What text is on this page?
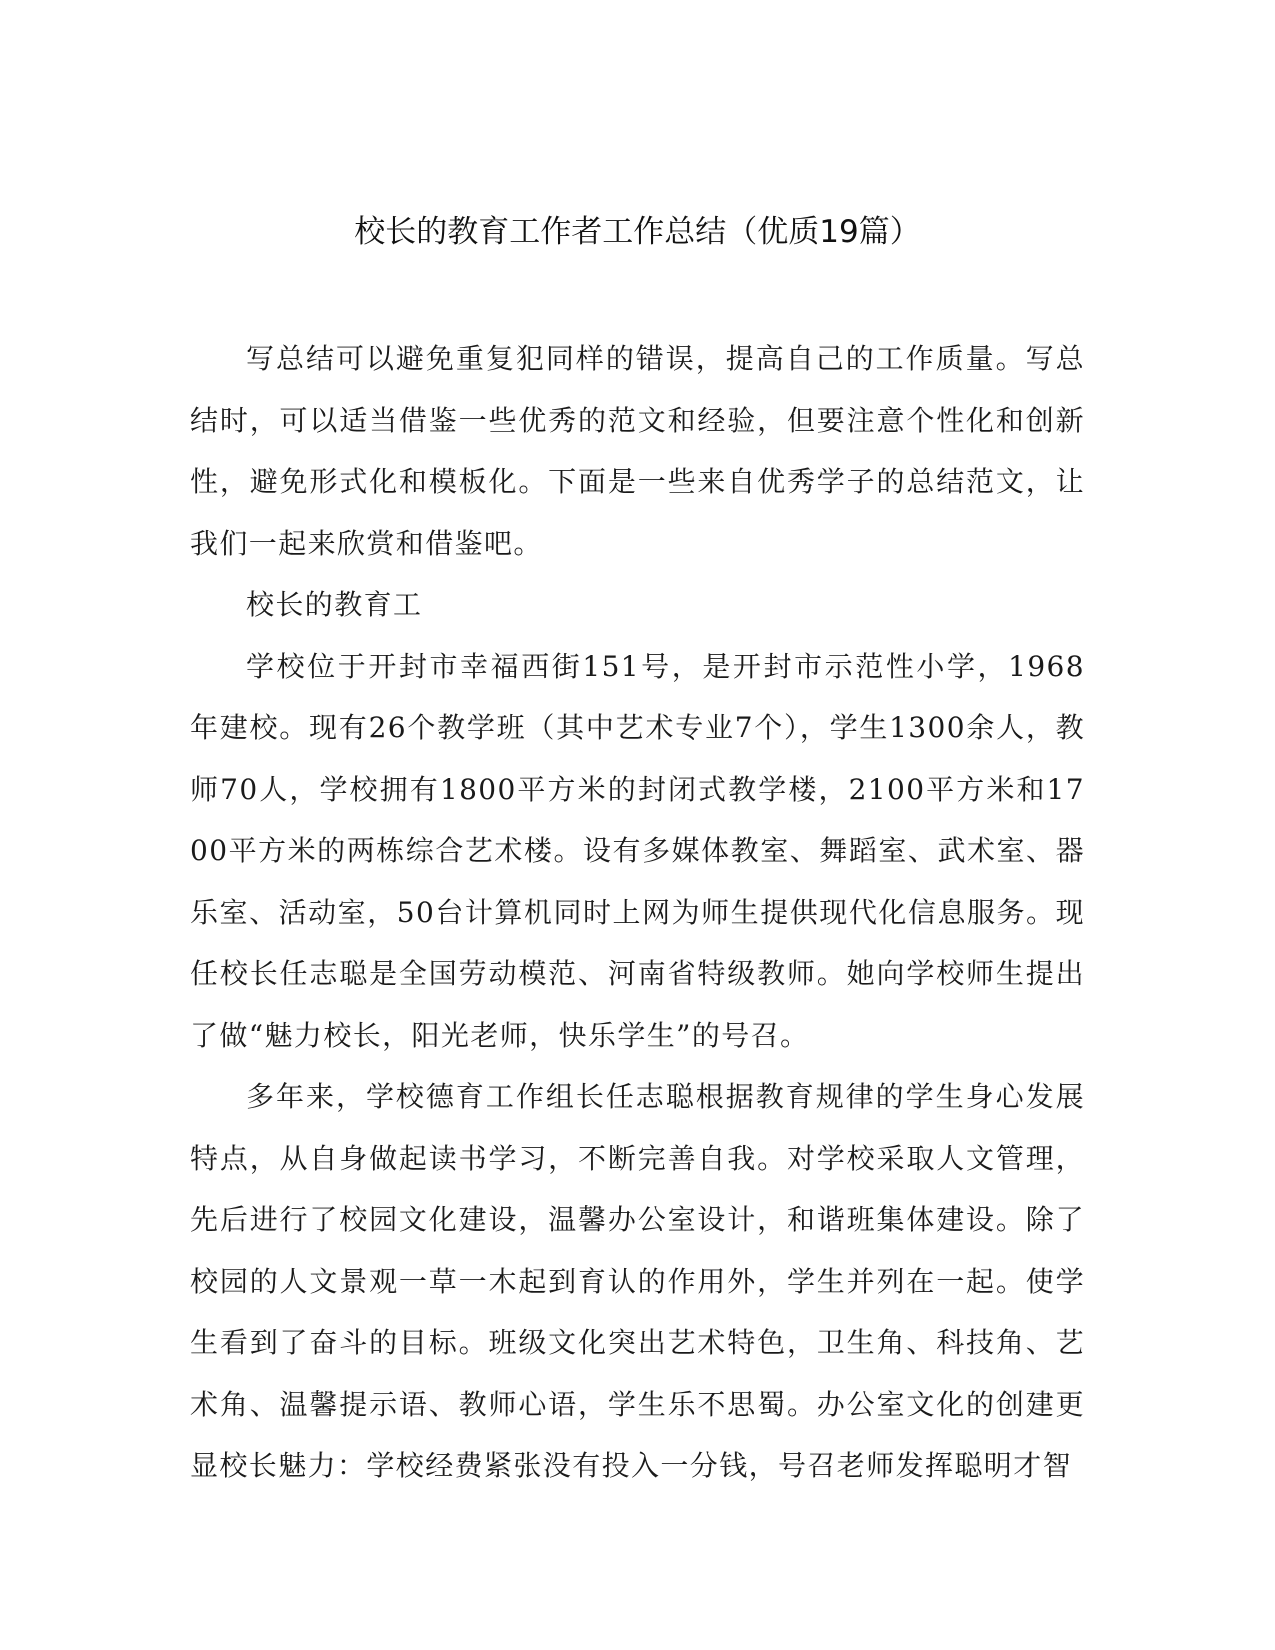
校长的教育工作者工作总结（优质19篇）

写总结可以避免重复犯同样的错误，提高自己的工作质量。写总结时，可以适当借鉴一些优秀的范文和经验，但要注意个性化和创新性，避免形式化和模板化。下面是一些来自优秀学子的总结范文，让我们一起来欣赏和借鉴吧。

校长的教育工

学校位于开封市幸福西街151号，是开封市示范性小学，1968年建校。现有26个教学班（其中艺术专业7个），学生1300余人，教师70人，学校拥有1800平方米的封闭式教学楼，2100平方米和1700平方米的两栋综合艺术楼。设有多媒体教室、舞蹈室、武术室、器乐室、活动室，50台计算机同时上网为师生提供现代化信息服务。现任校长任志聪是全国劳动模范、河南省特级教师。她向学校师生提出了做“魅力校长，阳光老师，快乐学生”的号召。

多年来，学校德育工作组长任志聪根据教育规律的学生身心发展特点，从自身做起读书学习，不断完善自我。对学校采取人文管理，先后进行了校园文化建设，温馨办公室设计，和谐班集体建设。除了校园的人文景观一草一木起到育认的作用外，学生并列在一起。使学生看到了奋斗的目标。班级文化突出艺术特色，卫生角、科技角、艺术角、温馨提示语、教师心语，学生乐不思蜀。办公室文化的创建更显校长魅力：学校经费紧张没有投入一分钱，号召老师发挥聪明才智
